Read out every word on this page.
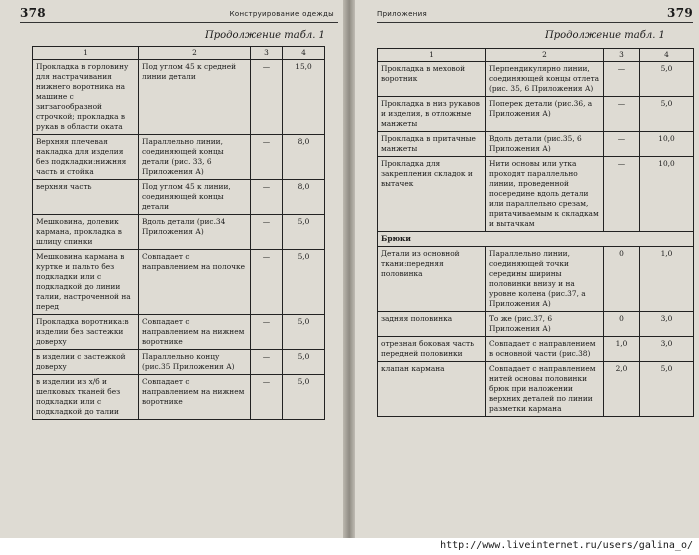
378	Конструирование одежды
Продолжение табл. 1
1	2	3	4
Прокладка в горловину для настрачивания нижнего воротника на машине с зигзагообразной строчкой; прокладка в рукав в области оката	Под углом 45 к средней линии детали	—	15,0
Верхняя плечевая накладка для изделия без подкладки:нижняя часть и стойка	Параллельно линии, соединяющей концы детали (рис. 33, 6 Приложения А)	—	8,0
верхняя часть	Под углом 45 к линии, соединяющей концы детали	—	8,0
Мешковина, долевик кармана, прокладка в шлицу спинки	Вдоль детали (рис.34 Приложения А)	—	5,0
Мешковина кармана в куртке и пальто без подкладки или с подкладкой до линии талии, настроченной на перед	Совпадает с направлением на полочке	—	5,0
Прокладка воротника:в изделии без застежки доверху	Совпадает с направлением на нижнем воротнике	—	5,0
в изделии с застежкой доверху	Параллельно концу (рис.35 Приложения А)	—	5,0
в изделии из х/б и шелковых тканей без подкладки или с подкладкой до талии	Совпадает с направлением на нижнем воротнике	—	5,0
Приложения	379
Продолжение табл. 1
1	2	3	4
Прокладка в меховой воротник	Перпендикулярно линии, соединяющей концы отлета (рис. 35, 6 Приложения А)	—	5,0
Прокладка в низ рукавов и изделия, в отложные манжеты	Поперек детали (рис.36, а Приложения А)	—	5,0
Прокладка в притачные манжеты	Вдоль детали (рис.35, 6 Приложения А)	—	10,0
Прокладка для закрепления складок и вытачек	Нити основы или утка проходят параллельно линии, проведенной посередине вдоль детали или параллельно срезам, притачиваемым к складкам и вытачкам	—	10,0
Брюки			
Детали из основной ткани:передняя половинка	Параллельно линии, соединяющей точки середины ширины половинки внизу и на уровне колена (рис.37, а Приложения А)	0	1,0
задняя половинка	То же (рис.37, 6 Приложения А)	0	3,0
отрезная боковая часть передней половинки	Совпадает с направлением в основной части (рис.38)	1,0	3,0
клапан кармана	Совпадает с направлением нитей основы половинки брюк при наложении верхних деталей по линии разметки кармана	2,0	5,0
http://www.liveinternet.ru/users/galina_o/
